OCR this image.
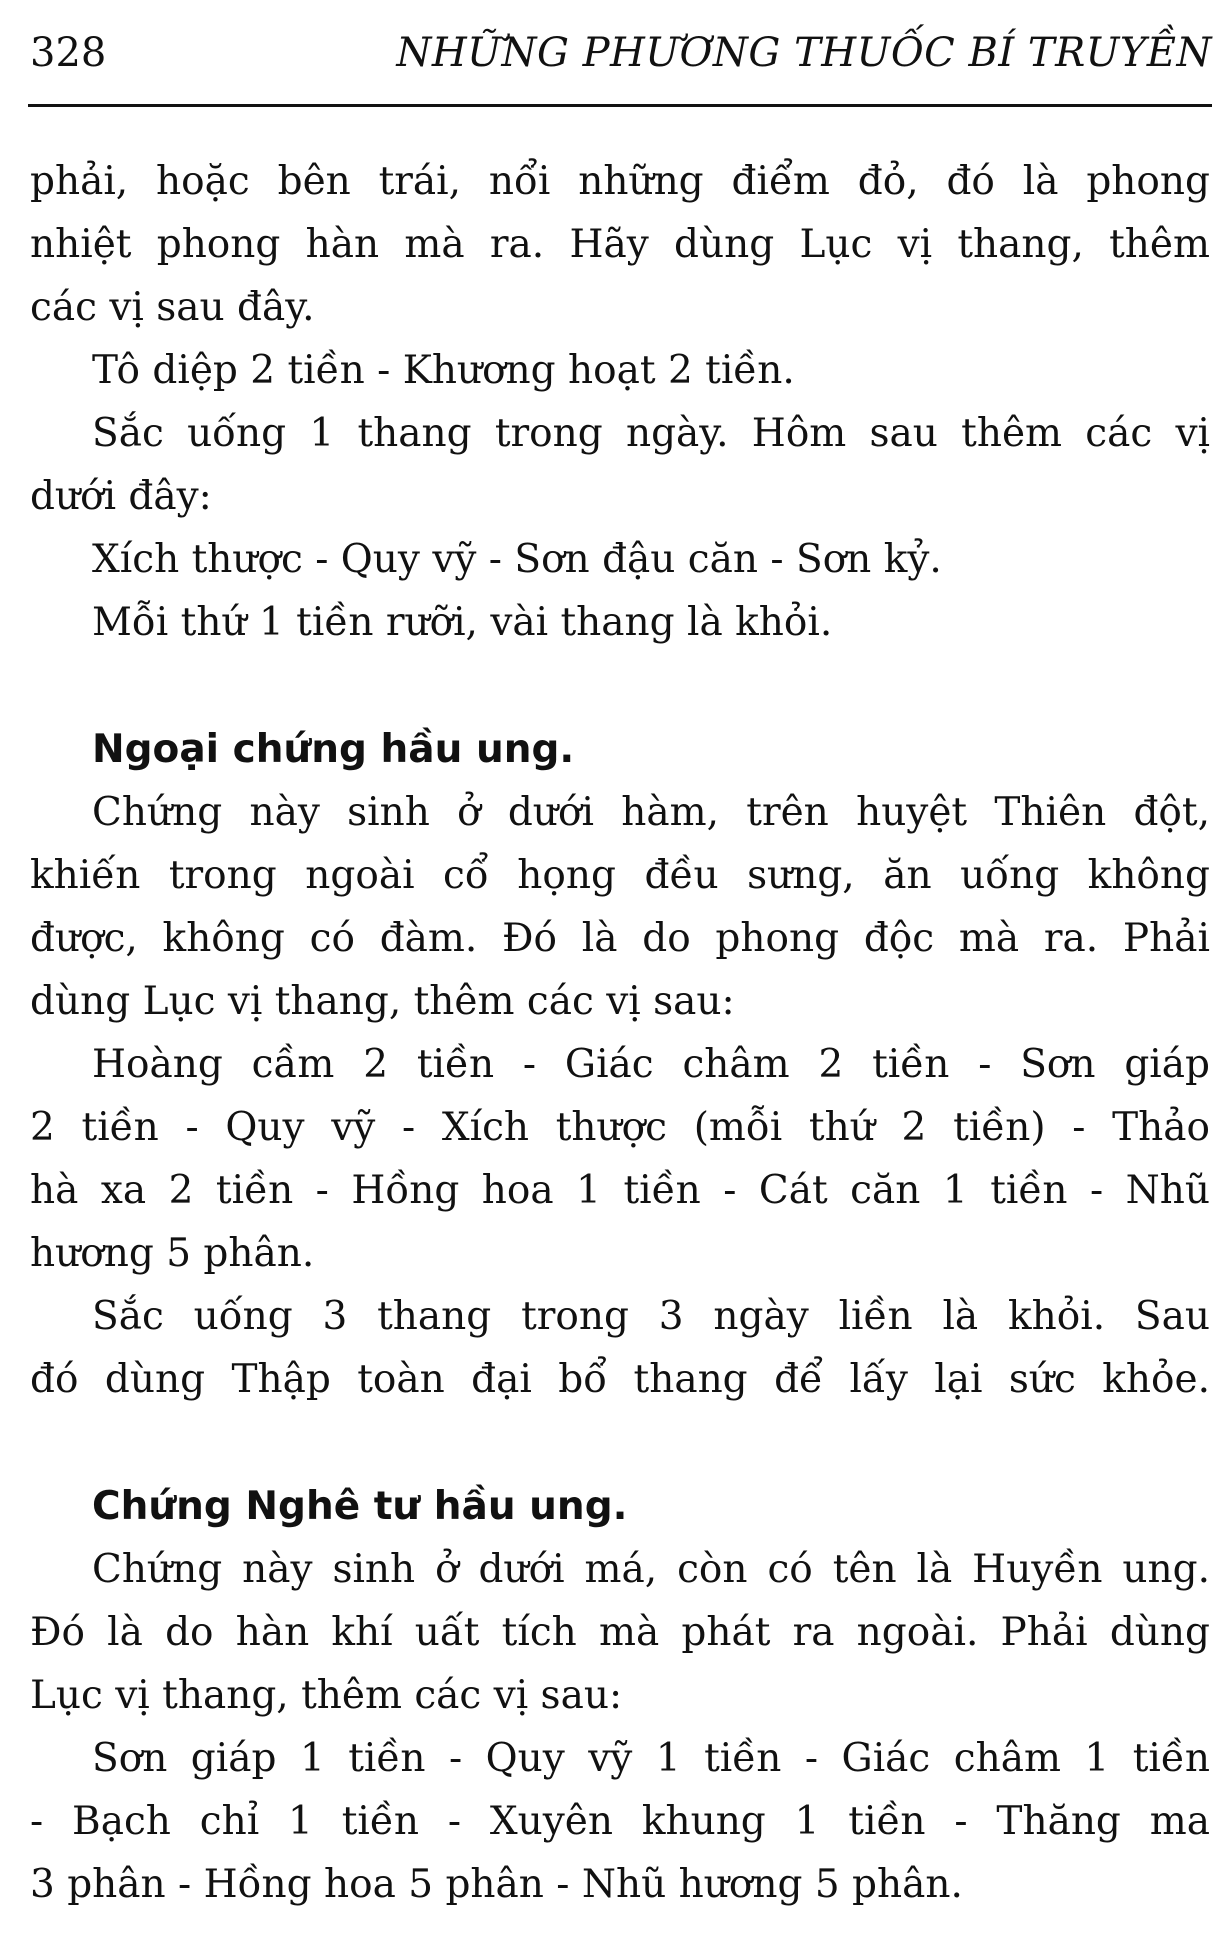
328	NHỮNG PHƯƠNG THUỐC BÍ TRUYỀN
phải, hoặc bên trái, nổi những điểm đỏ, đó là phong
nhiệt phong hàn mà ra. Hãy dùng Lục vị thang, thêm
các vị sau đây.
Tô diệp 2 tiền - Khương hoạt 2 tiền.
Sắc uống 1 thang trong ngày. Hôm sau thêm các vị
dưới đây:
Xích thược - Quy vỹ - Sơn đậu căn - Sơn kỷ.
Mỗi thứ 1 tiền rưỡi, vài thang là khỏi.
Ngoại chứng hầu ung.
Chứng này sinh ở dưới hàm, trên huyệt Thiên đột,
khiến trong ngoài cổ họng đều sưng, ăn uống không
được, không có đàm. Đó là do phong độc mà ra. Phải
dùng Lục vị thang, thêm các vị sau:
Hoàng cầm 2 tiền - Giác châm 2 tiền - Sơn giáp
2 tiền - Quy vỹ - Xích thược (mỗi thứ 2 tiền) - Thảo
hà xa 2 tiền - Hồng hoa 1 tiền - Cát căn 1 tiền - Nhũ
hương 5 phân.
Sắc uống 3 thang trong 3 ngày liền là khỏi. Sau
đó dùng Thập toàn đại bổ thang để lấy lại sức khỏe.
Chứng Nghê tư hầu ung.
Chứng này sinh ở dưới má, còn có tên là Huyền ung.
Đó là do hàn khí uất tích mà phát ra ngoài. Phải dùng
Lục vị thang, thêm các vị sau:
Sơn giáp 1 tiền - Quy vỹ 1 tiền - Giác châm 1 tiền
- Bạch chỉ 1 tiền - Xuyên khung 1 tiền - Thăng ma
3 phân - Hồng hoa 5 phân - Nhũ hương 5 phân.
